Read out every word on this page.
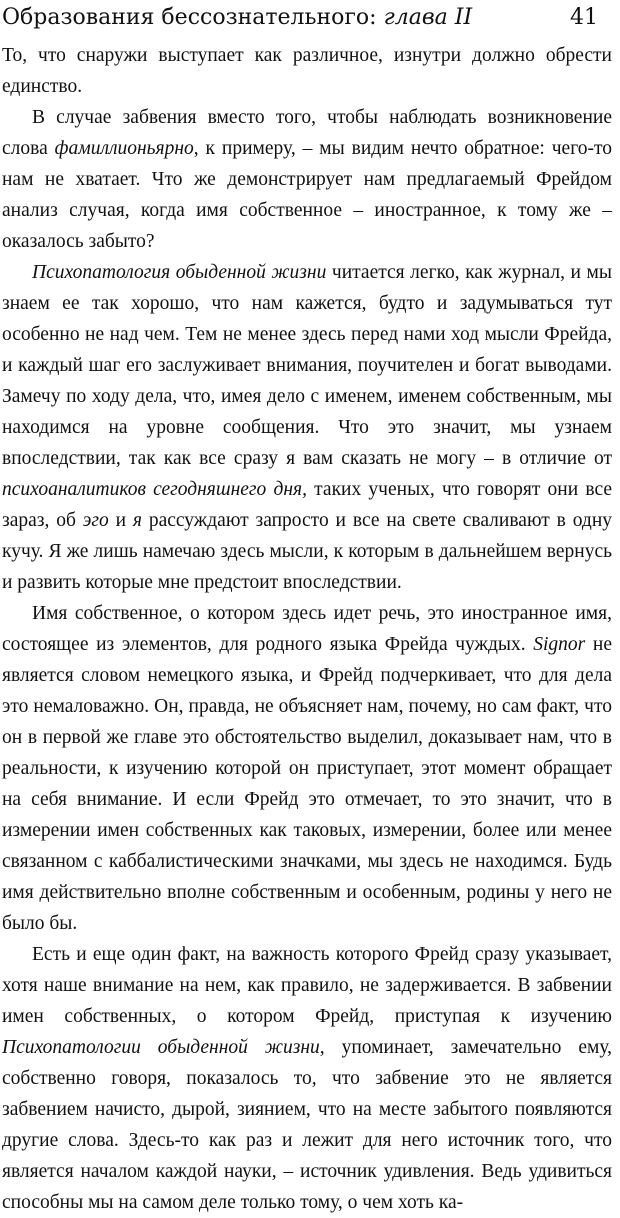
Образования бессознательного: глава II	41

То, что снаружи выступает как различное, изнутри должно обрести единство.

В случае забвения вместо того, чтобы наблюдать возникновение слова фамиллионьярно, к примеру, – мы видим нечто обратное: чего-то нам не хватает. Что же демонстрирует нам предлагаемый Фрейдом анализ случая, когда имя собственное – иностранное, к тому же – оказалось забыто?

Психопатология обыденной жизни читается легко, как журнал, и мы знаем ее так хорошо, что нам кажется, будто и задумываться тут особенно не над чем. Тем не менее здесь перед нами ход мысли Фрейда, и каждый шаг его заслуживает внимания, поучителен и богат выводами. Замечу по ходу дела, что, имея дело с именем, именем собственным, мы находимся на уровне сообщения. Что это значит, мы узнаем впоследствии, так как все сразу я вам сказать не могу – в отличие от психоаналитиков сегодняшнего дня, таких ученых, что говорят они все зараз, об эго и я рассуждают запросто и все на свете сваливают в одну кучу. Я же лишь намечаю здесь мысли, к которым в дальнейшем вернусь и развить которые мне предстоит впоследствии.

Имя собственное, о котором здесь идет речь, это иностранное имя, состоящее из элементов, для родного языка Фрейда чуждых. Signor не является словом немецкого языка, и Фрейд подчеркивает, что для дела это немаловажно. Он, правда, не объясняет нам, почему, но сам факт, что он в первой же главе это обстоятельство выделил, доказывает нам, что в реальности, к изучению которой он приступает, этот момент обращает на себя внимание. И если Фрейд это отмечает, то это значит, что в измерении имен собственных как таковых, измерении, более или менее связанном с каббалистическими значками, мы здесь не находимся. Будь имя действительно вполне собственным и особенным, родины у него не было бы.

Есть и еще один факт, на важность которого Фрейд сразу указывает, хотя наше внимание на нем, как правило, не задерживается. В забвении имен собственных, о котором Фрейд, приступая к изучению Психопатологии обыденной жизни, упоминает, замечательно ему, собственно говоря, показалось то, что забвение это не является забвением начисто, дырой, зиянием, что на месте забытого появляются другие слова. Здесь-то как раз и лежит для него источник того, что является началом каждой науки, – источник удивления. Ведь удивиться способны мы на самом деле только тому, о чем хоть ка-
